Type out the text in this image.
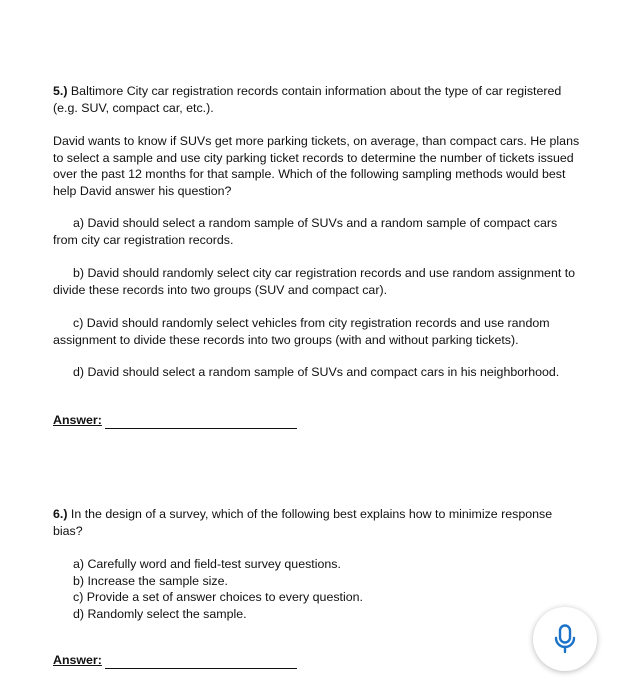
5.) Baltimore City car registration records contain information about the type of car registered (e.g. SUV, compact car, etc.).

David wants to know if SUVs get more parking tickets, on average, than compact cars. He plans to select a sample and use city parking ticket records to determine the number of tickets issued over the past 12 months for that sample. Which of the following sampling methods would best help David answer his question?

a) David should select a random sample of SUVs and a random sample of compact cars from city car registration records.

b) David should randomly select city car registration records and use random assignment to divide these records into two groups (SUV and compact car).

c) David should randomly select vehicles from city registration records and use random assignment to divide these records into two groups (with and without parking tickets).

d) David should select a random sample of SUVs and compact cars in his neighborhood.

Answer:

6.) In the design of a survey, which of the following best explains how to minimize response bias?

a) Carefully word and field-test survey questions.
b) Increase the sample size.
c) Provide a set of answer choices to every question.
d) Randomly select the sample.
Answer:
